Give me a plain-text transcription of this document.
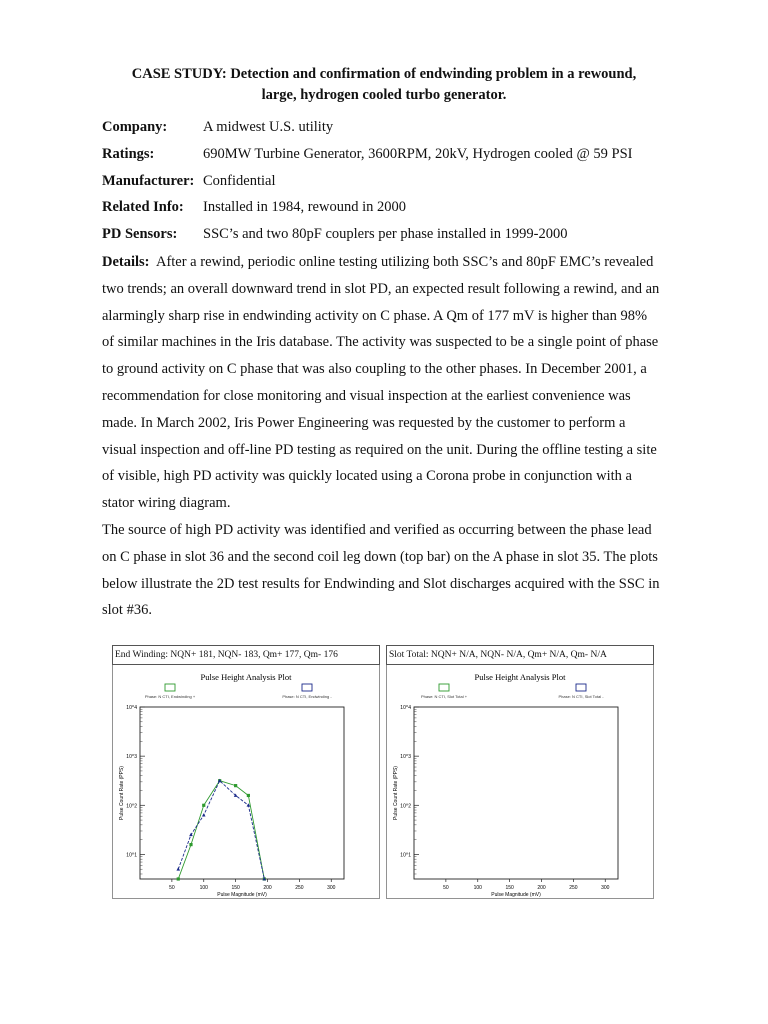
CASE STUDY: Detection and confirmation of endwinding problem in a rewound,
large, hydrogen cooled turbo generator.
Company: A midwest U.S. utility
Ratings:	690MW Turbine Generator, 3600RPM, 20kV, Hydrogen cooled @ 59 PSI
Manufacturer: Confidential
Related Info: Installed in 1984, rewound in 2000
PD Sensors: SSC’s and two 80pF couplers per phase installed in 1999-2000

Details: After a rewind, periodic online testing utilizing both SSC’s and 80pF EMC’s revealed two trends; an overall downward trend in slot PD, an expected result following a rewind, and an alarmingly sharp rise in endwinding activity on C phase. A Qm of 177 mV is higher than 98% of similar machines in the Iris database. The activity was suspected to be a single point of phase to ground activity on C phase that was also coupling to the other phases. In December 2001, a recommendation for close monitoring and visual inspection at the earliest convenience was made. In March 2002, Iris Power Engineering was requested by the customer to perform a visual inspection and off-line PD testing as required on the unit. During the offline testing a site of visible, high PD activity was quickly located using a Corona probe in conjunction with a stator wiring diagram.

The source of high PD activity was identified and verified as occurring between the phase lead on C phase in slot 36 and the second coil leg down (top bar) on the A phase in slot 35. The plots below illustrate the 2D test results for Endwinding and Slot discharges acquired with the SSC in slot #36.

Pulse Height Analysis Plot
Phase: N CTI, Endwinding +	Phase: N CTI, Endwinding -
50	100	150	200	250	300
Pulse Magnitude (mV)
10^1
10^2
10^3
10^4
Pulse Count Rate (PPS)
End Winding: NQN+ 181, NQN- 183, Qm+ 177, Qm- 176
Pulse Height Analysis Plot
Phase: N CTI, Slot Total +	Phase: N CTI, Slot Total -
50	100	150	200	250	300
Pulse Magnitude (mV)
10^1
10^2
10^3
10^4
Pulse Count Rate (PPS)
Slot Total: NQN+ N/A, NQN- N/A, Qm+ N/A, Qm- N/A
